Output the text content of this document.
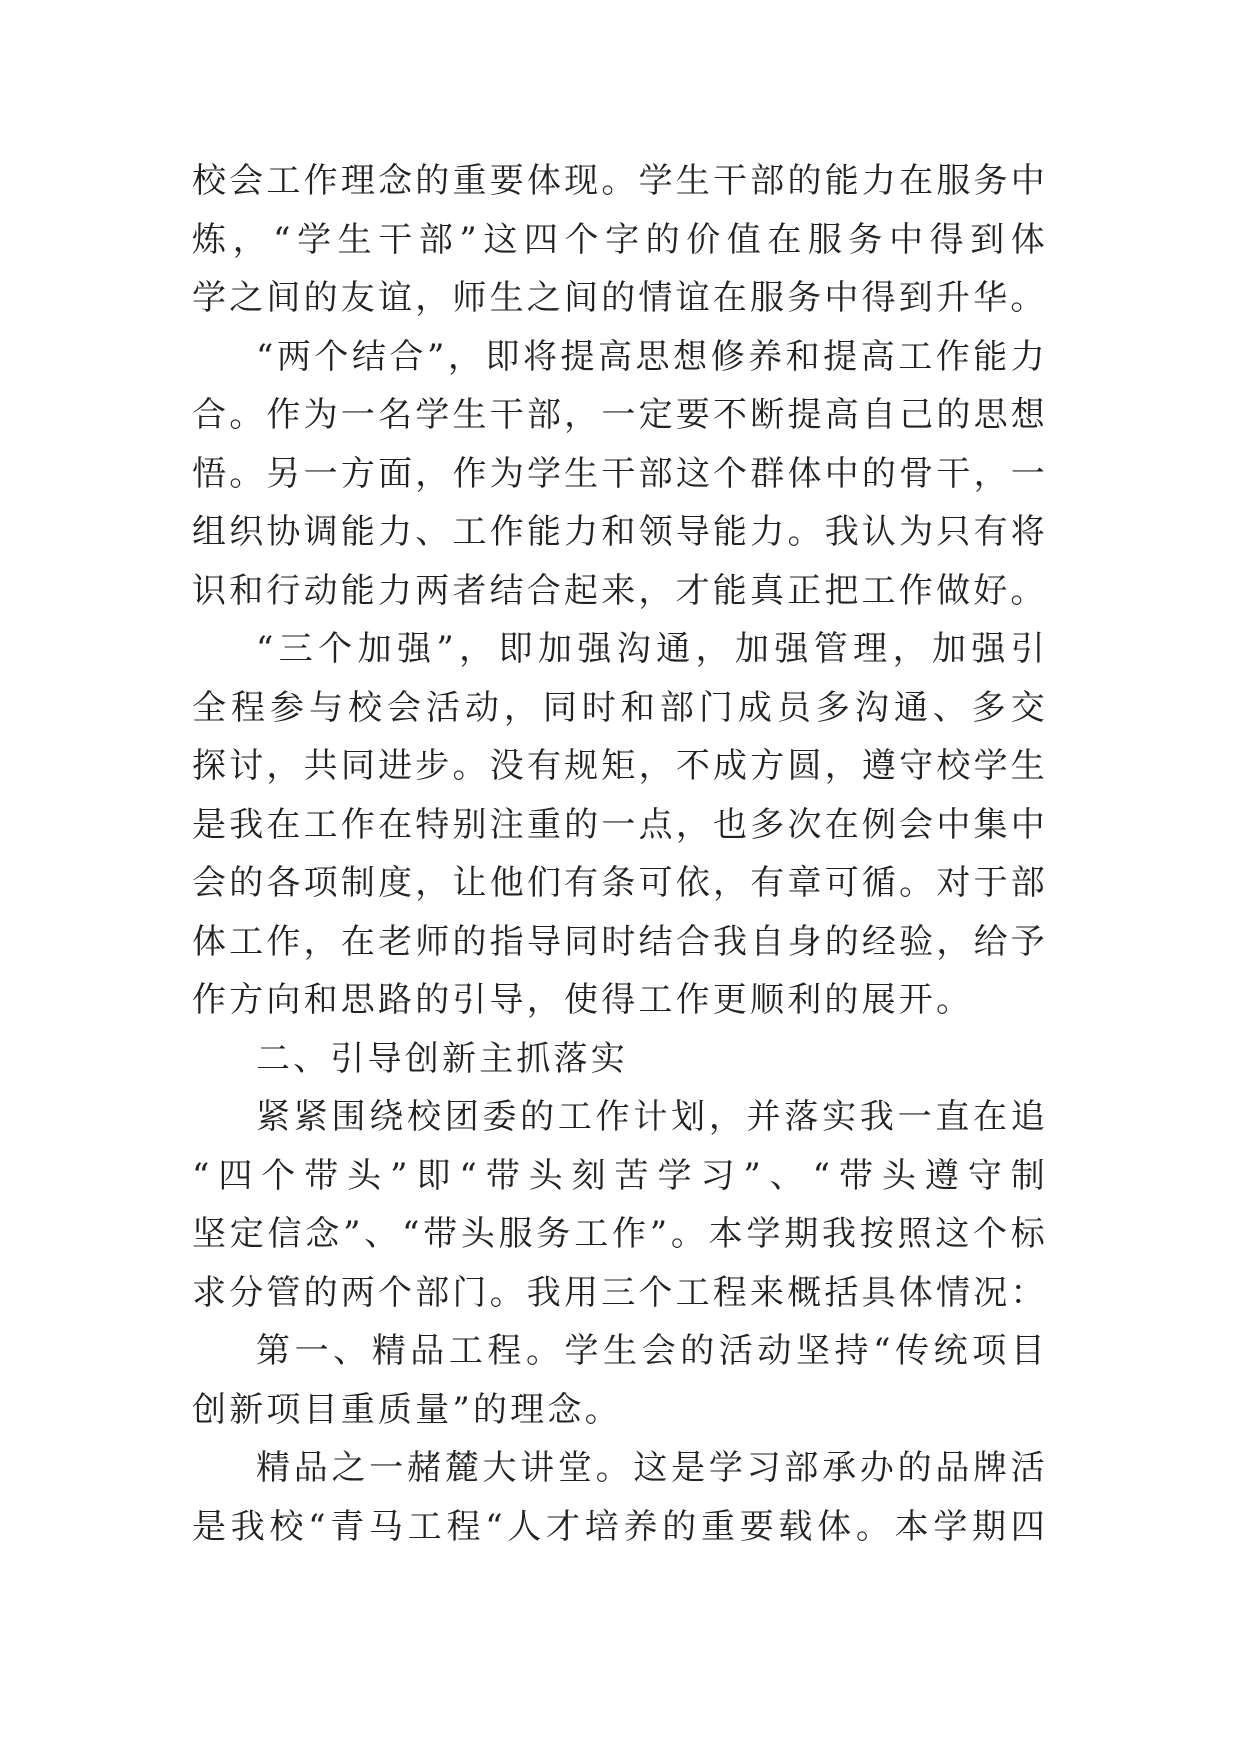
校会工作理念的重要体现。学生干部的能力在服务中
炼，“学生干部”这四个字的价值在服务中得到体
学之间的友谊，师生之间的情谊在服务中得到升华。
“两个结合”，即将提高思想修养和提高工作能力
合。作为一名学生干部，一定要不断提高自己的思想
悟。另一方面，作为学生干部这个群体中的骨干，一
组织协调能力、工作能力和领导能力。我认为只有将
识和行动能力两者结合起来，才能真正把工作做好。
“三个加强”，即加强沟通，加强管理，加强引
全程参与校会活动，同时和部门成员多沟通、多交
探讨，共同进步。没有规矩，不成方圆，遵守校学生
是我在工作在特别注重的一点，也多次在例会中集中
会的各项制度，让他们有条可依，有章可循。对于部
体工作，在老师的指导同时结合我自身的经验，给予
作方向和思路的引导，使得工作更顺利的展开。
二、引导创新主抓落实
紧紧围绕校团委的工作计划，并落实我一直在追
“四个带头”即“带头刻苦学习”、“带头遵守制
坚定信念”、“带头服务工作”。本学期我按照这个标
求分管的两个部门。我用三个工程来概括具体情况：
第一、精品工程。学生会的活动坚持“传统项目
创新项目重质量”的理念。
精品之一赭麓大讲堂。这是学习部承办的品牌活
是我校“青马工程“人才培养的重要载体。本学期四
